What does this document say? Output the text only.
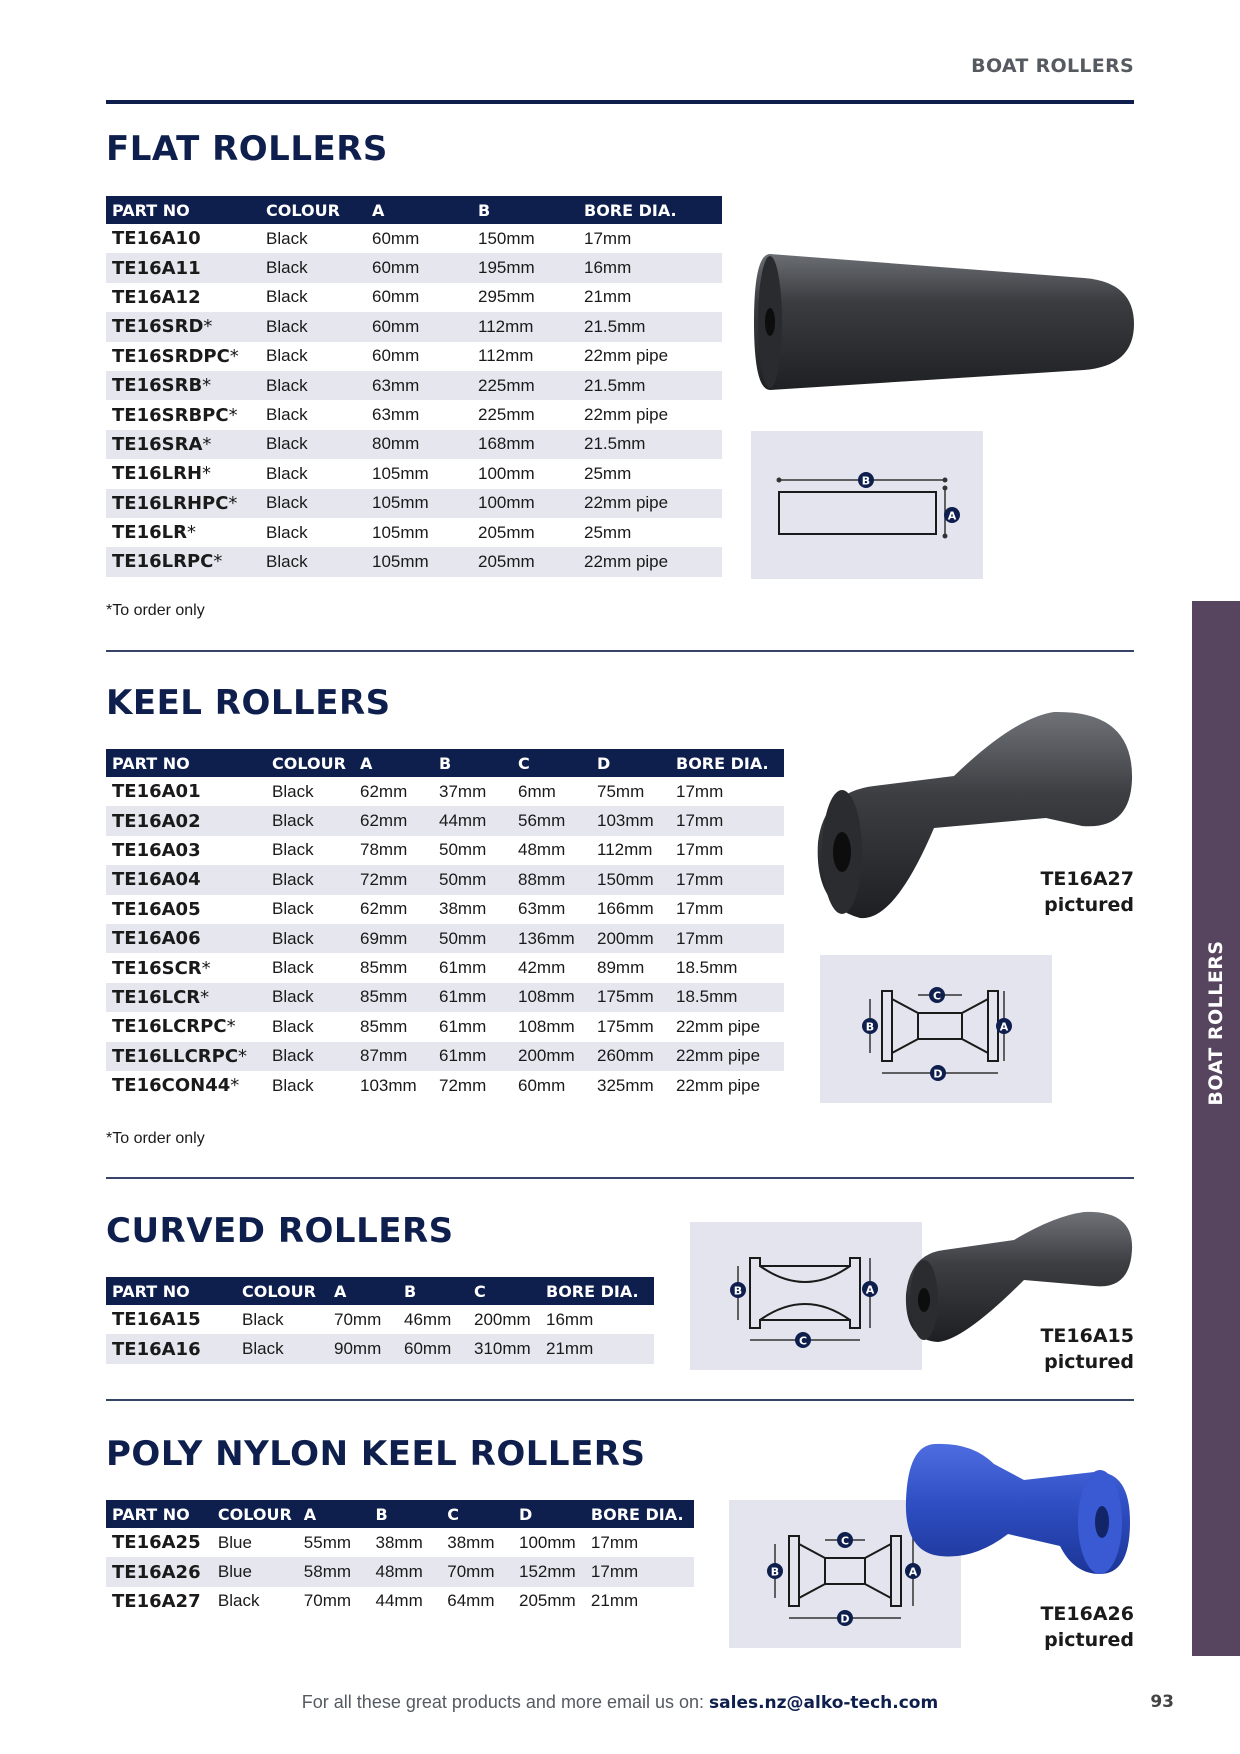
BOAT ROLLERS
FLAT ROLLERS
PART NO	COLOUR	A	B	BORE DIA.
TE16A10	Black	60mm	150mm	17mm
TE16A11	Black	60mm	195mm	16mm
TE16A12	Black	60mm	295mm	21mm
TE16SRD*	Black	60mm	112mm	21.5mm
TE16SRDPC*	Black	60mm	112mm	22mm pipe
TE16SRB*	Black	63mm	225mm	21.5mm
TE16SRBPC*	Black	63mm	225mm	22mm pipe
TE16SRA*	Black	80mm	168mm	21.5mm
TE16LRH*	Black	105mm	100mm	25mm
TE16LRHPC*	Black	105mm	100mm	22mm pipe
TE16LR*	Black	105mm	205mm	25mm
TE16LRPC*	Black	105mm	205mm	22mm pipe
*To order only
B
A
KEEL ROLLERS
PART NO	COLOUR	A	B	C	D	BORE DIA.
TE16A01	Black	62mm	37mm	6mm	75mm	17mm
TE16A02	Black	62mm	44mm	56mm	103mm	17mm
TE16A03	Black	78mm	50mm	48mm	112mm	17mm
TE16A04	Black	72mm	50mm	88mm	150mm	17mm
TE16A05	Black	62mm	38mm	63mm	166mm	17mm
TE16A06	Black	69mm	50mm	136mm	200mm	17mm
TE16SCR*	Black	85mm	61mm	42mm	89mm	18.5mm
TE16LCR*	Black	85mm	61mm	108mm	175mm	18.5mm
TE16LCRPC*	Black	85mm	61mm	108mm	175mm	22mm pipe
TE16LLCRPC*	Black	87mm	61mm	200mm	260mm	22mm pipe
TE16CON44*	Black	103mm	72mm	60mm	325mm	22mm pipe
*To order only
TE16A27
pictured
C
B	A
D
CURVED ROLLERS
PART NO	COLOUR	A	B	C	BORE DIA.
TE16A15	Black	70mm	46mm	200mm	16mm
TE16A16	Black	90mm	60mm	310mm	21mm
B	A
C	TE16A15
pictured
POLY NYLON KEEL ROLLERS
PART NO	COLOUR	A	B	C	D	BORE DIA.
TE16A25	Blue	55mm	38mm	38mm	100mm	17mm
TE16A26	Blue	58mm	48mm	70mm	152mm	17mm
TE16A27	Black	70mm	44mm	64mm	205mm	21mm
C
B	A
D	TE16A26
pictured
BOAT ROLLERS
For all these great products and more email us on: sales.nz@alko-tech.com	93
